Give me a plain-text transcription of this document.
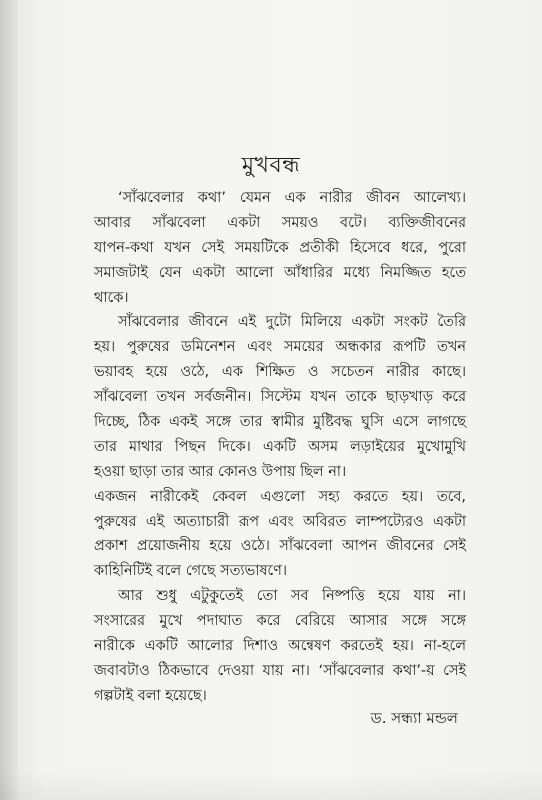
মুখবন্ধ
‘সাঁঝবেলার কথা’ যেমন এক নারীর জীবন আলেখ্য।
আবার সাঁঝবেলা একটা সময়ও বটে। ব্যক্তিজীবনের
যাপন-কথা যখন সেই সময়টিকে প্রতীকী হিসেবে ধরে, পুরো
সমাজটাই যেন একটা আলো আঁধারির মধ্যে নিমজ্জিত হতে
থাকে।
সাঁঝবেলার জীবনে এই দুটো মিলিয়ে একটা সংকট তৈরি
হয়। পুরুষের ডমিনেশন এবং সময়ের অন্ধকার রূপটি তখন
ভয়াবহ হয়ে ওঠে, এক শিক্ষিত ও সচেতন নারীর কাছে।
সাঁঝবেলা তখন সর্বজনীন। সিস্টেম যখন তাকে ছাড়খাড় করে
দিচ্ছে, ঠিক একই সঙ্গে তার স্বামীর মুষ্টিবদ্ধ ঘুসি এসে লাগছে
তার মাথার পিছন দিকে। একটি অসম লড়াইয়ের মুখোমুখি
হওয়া ছাড়া তার আর কোনও উপায় ছিল না।
একজন নারীকেই কেবল এগুলো সহ্য করতে হয়। তবে,
পুরুষের এই অত্যাচারী রূপ এবং অবিরত লাম্পট্যেরও একটা
প্রকাশ প্রয়োজনীয় হয়ে ওঠে। সাঁঝবেলা আপন জীবনের সেই
কাহিনিটিই বলে গেছে সত্যভাষণে।
আর শুধু এটুকুতেই তো সব নিষ্পত্তি হয়ে যায় না।
সংসারের মুখে পদাঘাত করে বেরিয়ে আসার সঙ্গে সঙ্গে
নারীকে একটি আলোর দিশাও অন্বেষণ করতেই হয়। না-হলে
জবাবটাও ঠিকভাবে দেওয়া যায় না। ‘সাঁঝবেলার কথা’-য় সেই
গল্পটাই বলা হয়েছে।
ড. সন্ধ্যা মন্ডল
